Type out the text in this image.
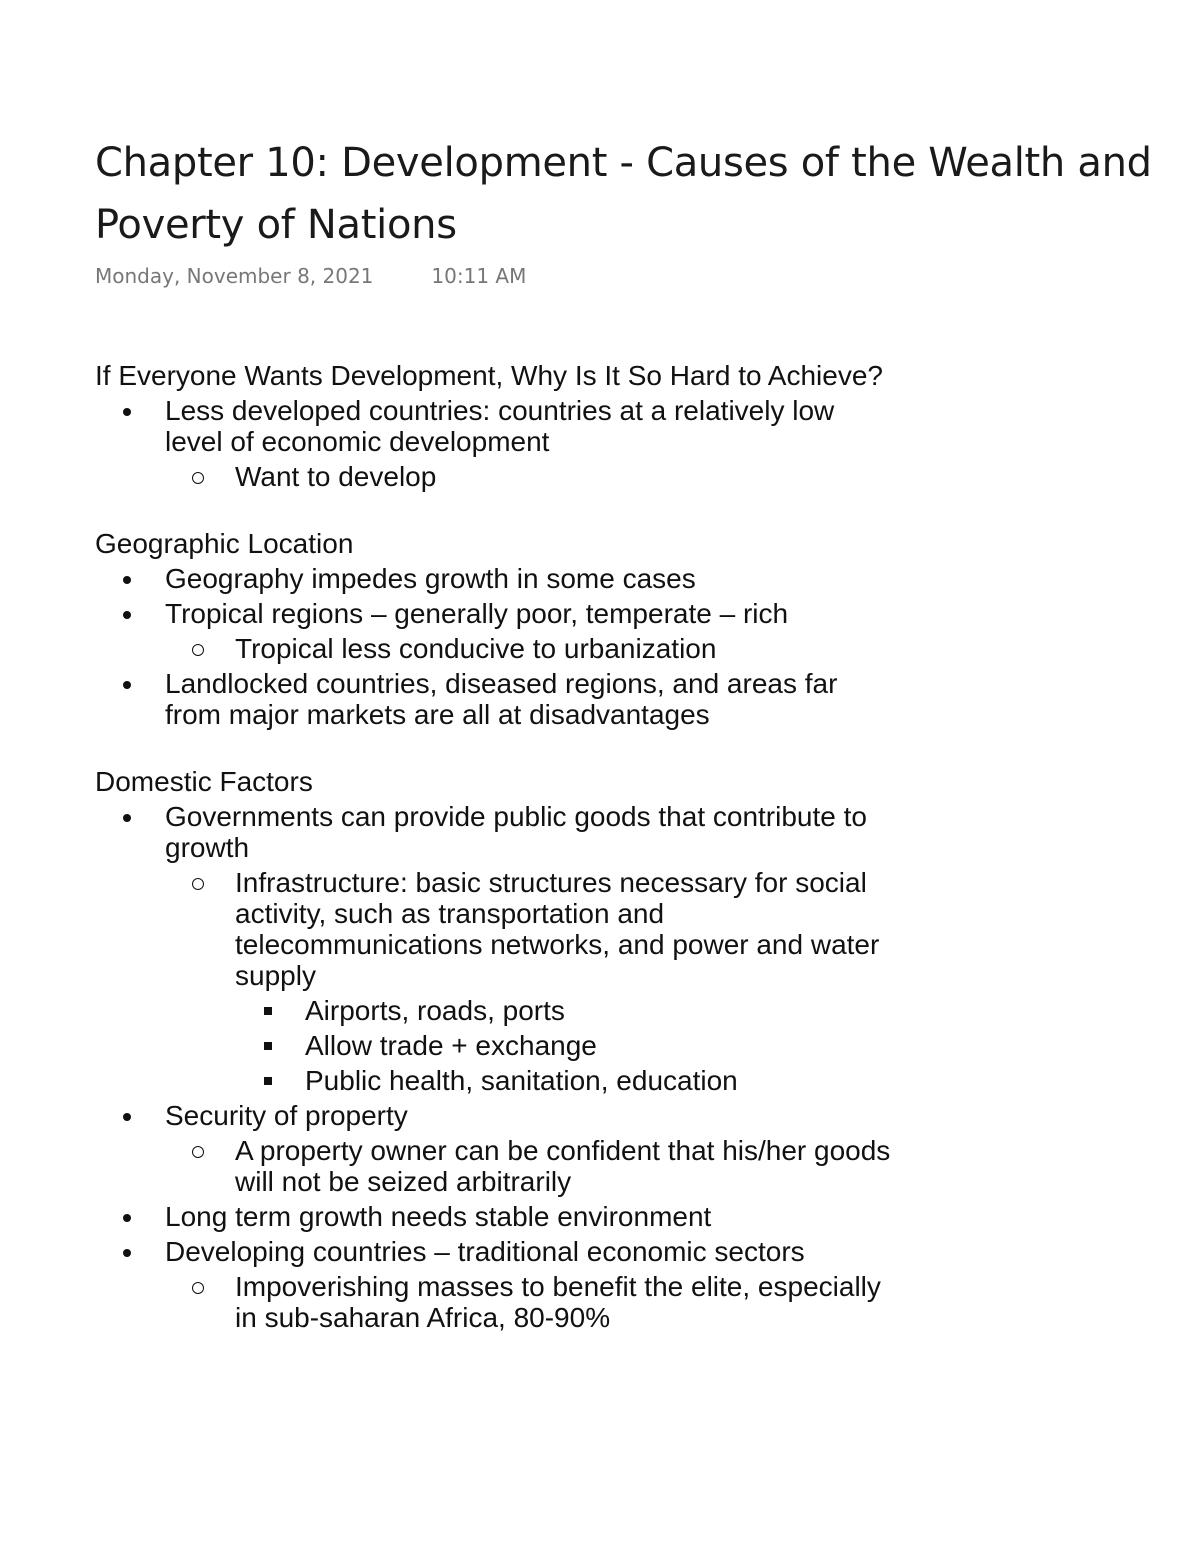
Chapter 10: Development - Causes of the Wealth and
Poverty of Nations
Monday, November 8, 2021	10:11 AM

If Everyone Wants Development, Why Is It So Hard to Achieve?

Less developed countries: countries at a relatively low level of economic development
Want to develop

Geographic Location

Geography impedes growth in some cases
Tropical regions – generally poor, temperate – rich
Tropical less conducive to urbanization
Landlocked countries, diseased regions, and areas far from major markets are all at disadvantages

Domestic Factors

Governments can provide public goods that contribute to growth
Infrastructure: basic structures necessary for social activity, such as transportation and telecommunications networks, and power and water supply
Airports, roads, ports
Allow trade + exchange
Public health, sanitation, education
Security of property
A property owner can be confident that his/her goods will not be seized arbitrarily
Long term growth needs stable environment
Developing countries – traditional economic sectors
Impoverishing masses to benefit the elite, especially in sub-saharan Africa, 80-90%
